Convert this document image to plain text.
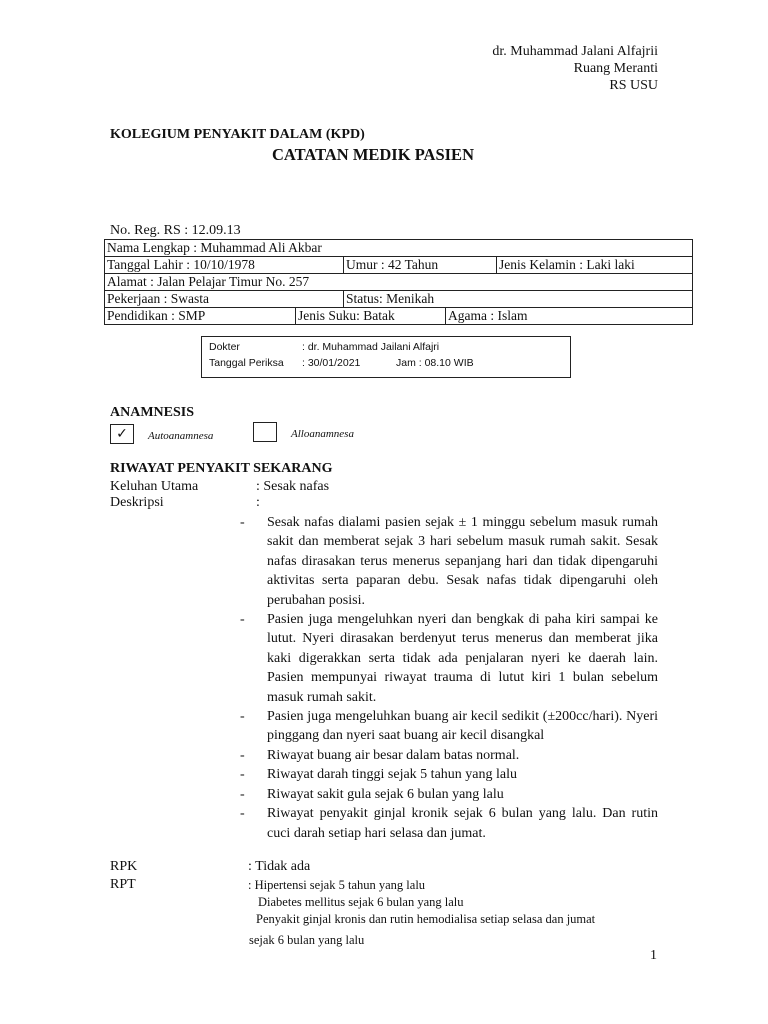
dr. Muhammad Jalani Alfajrii
Ruang Meranti
RS USU
KOLEGIUM PENYAKIT DALAM (KPD)
CATATAN MEDIK PASIEN
No. Reg. RS : 12.09.13
Nama Lengkap : Muhammad Ali Akbar				
Tanggal Lahir : 10/10/1978		Umur : 42 Tahun		Jenis Kelamin : Laki laki
Alamat : Jalan Pelajar Timur No. 257				
Pekerjaan : Swasta		Status: Menikah		
Pendidikan : SMP	Jenis Suku: Batak		Agama : Islam	
Dokter	: dr. Muhammad Jailani Alfajri
Tanggal Periksa : 30/01/2021	Jam : 08.10 WIB
ANAMNESIS
✓	Autoanamnesa	Alloanamnesa
RIWAYAT PENYAKIT SEKARANG
Keluhan Utama	: Sesak nafas
Deskripsi	:
- Sesak nafas dialami pasien sejak ± 1 minggu sebelum masuk rumah sakit dan memberat sejak 3 hari sebelum masuk rumah sakit. Sesak nafas dirasakan terus menerus sepanjang hari dan tidak dipengaruhi aktivitas serta paparan debu. Sesak nafas tidak dipengaruhi oleh perubahan posisi.
- Pasien juga mengeluhkan nyeri dan bengkak di paha kiri sampai ke lutut. Nyeri dirasakan berdenyut terus menerus dan memberat jika kaki digerakkan serta tidak ada penjalaran nyeri ke daerah lain. Pasien mempunyai riwayat trauma di lutut kiri 1 bulan sebelum masuk rumah sakit.
- Pasien juga mengeluhkan buang air kecil sedikit (±200cc/hari). Nyeri pinggang dan nyeri saat buang air kecil disangkal
- Riwayat buang air besar dalam batas normal.
- Riwayat darah tinggi sejak 5 tahun yang lalu
- Riwayat sakit gula sejak 6 bulan yang lalu
- Riwayat penyakit ginjal kronik sejak 6 bulan yang lalu. Dan rutin cuci darah setiap hari selasa dan jumat.
RPK	: Tidak ada
RPT	: Hipertensi sejak 5 tahun yang lalu
Diabetes mellitus sejak 6 bulan yang lalu
Penyakit ginjal kronis dan rutin hemodialisa setiap selasa dan jumat
sejak 6 bulan yang lalu
1
